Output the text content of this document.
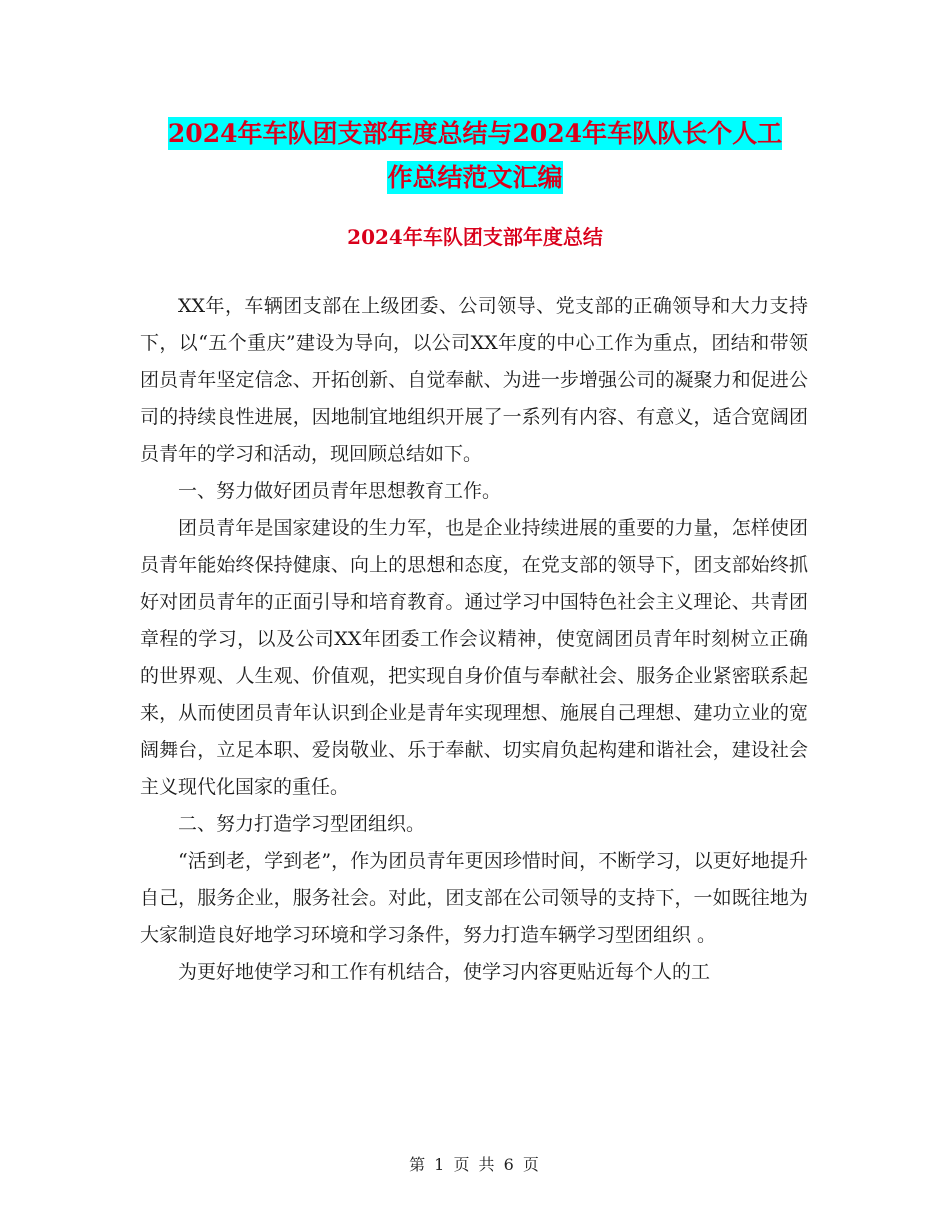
2024年车队团支部年度总结与2024年车队队长个人工
作总结范文汇编
2024年车队团支部年度总结

XX年，车辆团支部在上级团委、公司领导、党支部的正确领导和大力支持下，以“五个重庆”建设为导向，以公司XX年度的中心工作为重点，团结和带领团员青年坚定信念、开拓创新、自觉奉献、为进一步增强公司的凝聚力和促进公司的持续良性进展，因地制宜地组织开展了一系列有内容、有意义，适合宽阔团员青年的学习和活动，现回顾总结如下。

一、努力做好团员青年思想教育工作。

团员青年是国家建设的生力军，也是企业持续进展的重要的力量，怎样使团员青年能始终保持健康、向上的思想和态度，在党支部的领导下，团支部始终抓好对团员青年的正面引导和培育教育。通过学习中国特色社会主义理论、共青团章程的学习，以及公司XX年团委工作会议精神，使宽阔团员青年时刻树立正确的世界观、人生观、价值观，把实现自身价值与奉献社会、服务企业紧密联系起来，从而使团员青年认识到企业是青年实现理想、施展自己理想、建功立业的宽阔舞台，立足本职、爱岗敬业、乐于奉献、切实肩负起构建和谐社会，建设社会主义现代化国家的重任。

二、努力打造学习型团组织。

“活到老，学到老”，作为团员青年更因珍惜时间，不断学习，以更好地提升自己，服务企业，服务社会。对此，团支部在公司领导的支持下，一如既往地为大家制造良好地学习环境和学习条件，努力打造车辆学习型团组织 。

为更好地使学习和工作有机结合，使学习内容更贴近每个人的工

第 1 页 共 6 页
